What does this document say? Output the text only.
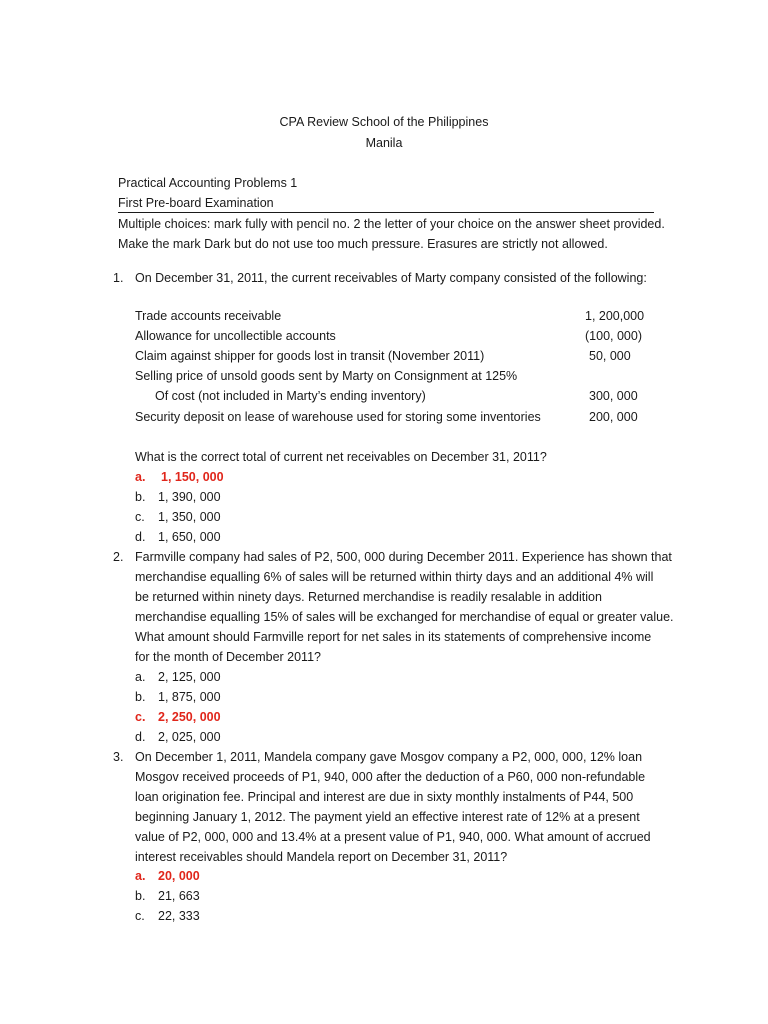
CPA Review School of the Philippines
Manila
Practical Accounting Problems 1
First Pre-board Examination
Multiple choices: mark fully with pencil no. 2 the letter of your choice on the answer sheet provided.
Make the mark Dark but do not use too much pressure. Erasures are strictly not allowed.
1. On December 31, 2011, the current receivables of Marty company consisted of the following:
Trade accounts receivable	1, 200,000
Allowance for uncollectible accounts	(100, 000)
Claim against shipper for goods lost in transit (November 2011)	50, 000
Selling price of unsold goods sent by Marty on Consignment at 125%
Of cost (not included in Marty’s ending inventory)	300, 000
Security deposit on lease of warehouse used for storing some inventories	200, 000
What is the correct total of current net receivables on December 31, 2011?
a. 1, 150, 000
b. 1, 390, 000
c. 1, 350, 000
d. 1, 650, 000
2. Farmville company had sales of P2, 500, 000 during December 2011. Experience has shown that
merchandise equalling 6% of sales will be returned within thirty days and an additional 4% will
be returned within ninety days. Returned merchandise is readily resalable in addition
merchandise equalling 15% of sales will be exchanged for merchandise of equal or greater value.
What amount should Farmville report for net sales in its statements of comprehensive income
for the month of December 2011?
a. 2, 125, 000
b. 1, 875, 000
c. 2, 250, 000
d. 2, 025, 000
3. On December 1, 2011, Mandela company gave Mosgov company a P2, 000, 000, 12% loan
Mosgov received proceeds of P1, 940, 000 after the deduction of a P60, 000 non-refundable
loan origination fee. Principal and interest are due in sixty monthly instalments of P44, 500
beginning January 1, 2012. The payment yield an effective interest rate of 12% at a present
value of P2, 000, 000 and 13.4% at a present value of P1, 940, 000. What amount of accrued
interest receivables should Mandela report on December 31, 2011?
a. 20, 000
b. 21, 663
c. 22, 333
